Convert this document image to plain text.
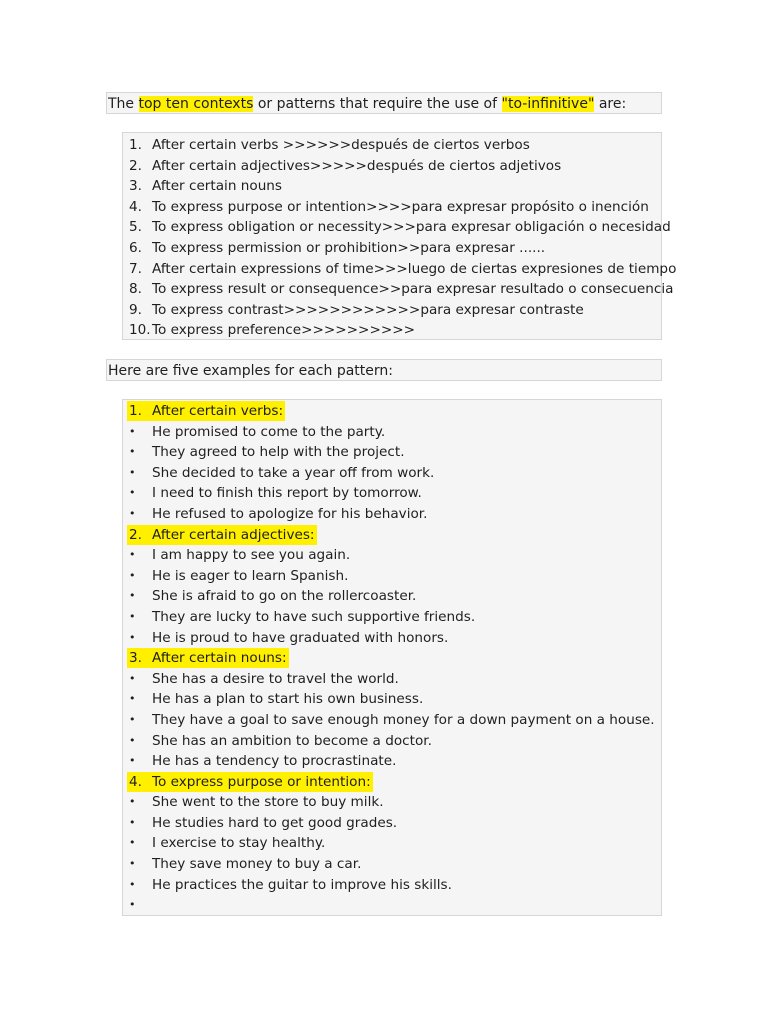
The top ten contexts or patterns that require the use of "to-infinitive" are:
1. After certain verbs >>>>>>después de ciertos verbos
2. After certain adjectives>>>>>después de ciertos adjetivos
3. After certain nouns
4. To express purpose or intention>>>>para expresar propósito o inención
5. To express obligation or necessity>>>para expresar obligación o necesidad
6. To express permission or prohibition>>para expresar ......
7. After certain expressions of time>>>luego de ciertas expresiones de tiempo
8. To express result or consequence>>para expresar resultado o consecuencia
9. To express contrast>>>>>>>>>>>>para expresar contraste
10. To express preference>>>>>>>>>>
Here are five examples for each pattern:
1. After certain verbs:
• He promised to come to the party.
• They agreed to help with the project.
• She decided to take a year off from work.
• I need to finish this report by tomorrow.
• He refused to apologize for his behavior.
2. After certain adjectives:
• I am happy to see you again.
• He is eager to learn Spanish.
• She is afraid to go on the rollercoaster.
• They are lucky to have such supportive friends.
• He is proud to have graduated with honors.
3. After certain nouns:
• She has a desire to travel the world.
• He has a plan to start his own business.
• They have a goal to save enough money for a down payment on a house.
• She has an ambition to become a doctor.
• He has a tendency to procrastinate.
4. To express purpose or intention:
• She went to the store to buy milk.
• He studies hard to get good grades.
• I exercise to stay healthy.
• They save money to buy a car.
• He practices the guitar to improve his skills.
•
